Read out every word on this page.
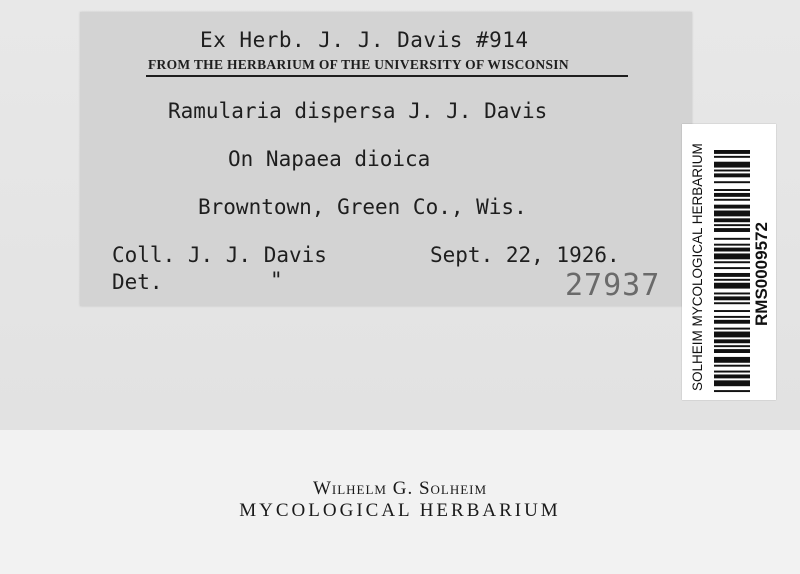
Ex Herb. J. J. Davis #914
FROM THE HERBARIUM OF THE UNIVERSITY OF WISCONSIN
Ramularia dispersa J. J. Davis
On Napaea dioica
Browntown, Green Co., Wis.
Coll. J. J. Davis	Sept. 22, 1926.
Det.	"	27937 SOLHEIM MYCOLOGICAL HERBARIUM	RMS0009572
Wilhelm G. Solheim
MYCOLOGICAL HERBARIUM
